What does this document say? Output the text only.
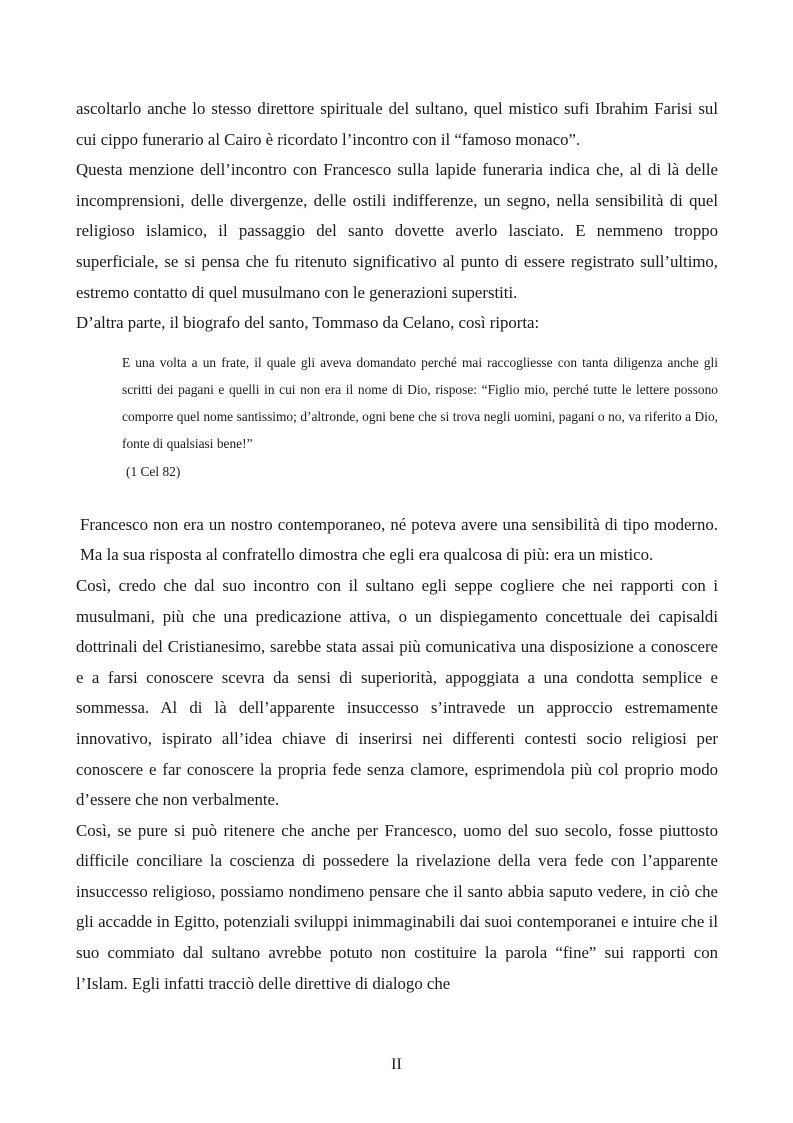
ascoltarlo anche lo stesso direttore spirituale del sultano, quel mistico sufi Ibrahim Farisi sul cui cippo funerario al Cairo è ricordato l’incontro con il “famoso monaco”.

Questa menzione dell’incontro con Francesco sulla lapide funeraria indica che, al di là delle incomprensioni, delle divergenze, delle ostili indifferenze, un segno, nella sensibilità di quel religioso islamico, il passaggio del santo dovette averlo lasciato. E nemmeno troppo superficiale, se si pensa che fu ritenuto significativo al punto di essere registrato sull’ultimo, estremo contatto di quel musulmano con le generazioni superstiti.

D’altra parte, il biografo del santo, Tommaso da Celano, così riporta:

E una volta a un frate, il quale gli aveva domandato perché mai raccogliesse con tanta diligenza anche gli scritti dei pagani e quelli in cui non era il nome di Dio, rispose: “Figlio mio, perché tutte le lettere possono comporre quel nome santissimo; d’altronde, ogni bene che si trova negli uomini, pagani o no, va riferito a Dio, fonte di qualsiasi bene!”

(1 Cel 82)

Francesco non era un nostro contemporaneo, né poteva avere una sensibilità di tipo moderno. Ma la sua risposta al confratello dimostra che egli era qualcosa di più: era un mistico.

Così, credo che dal suo incontro con il sultano egli seppe cogliere che nei rapporti con i musulmani, più che una predicazione attiva, o un dispiegamento concettuale dei capisaldi dottrinali del Cristianesimo, sarebbe stata assai più comunicativa una disposizione a conoscere e a farsi conoscere scevra da sensi di superiorità, appoggiata a una condotta semplice e sommessa. Al di là dell’apparente insuccesso s’intravede un approccio estremamente innovativo, ispirato all’idea chiave di inserirsi nei differenti contesti socio religiosi per conoscere e far conoscere la propria fede senza clamore, esprimendola più col proprio modo d’essere che non verbalmente.

Così, se pure si può ritenere che anche per Francesco, uomo del suo secolo, fosse piuttosto difficile conciliare la coscienza di possedere la rivelazione della vera fede con l’apparente insuccesso religioso, possiamo nondimeno pensare che il santo abbia saputo vedere, in ciò che gli accadde in Egitto, potenziali sviluppi inimmaginabili dai suoi contemporanei e intuire che il suo commiato dal sultano avrebbe potuto non costituire la parola “fine” sui rapporti con l’Islam. Egli infatti tracciò delle direttive di dialogo che

II
